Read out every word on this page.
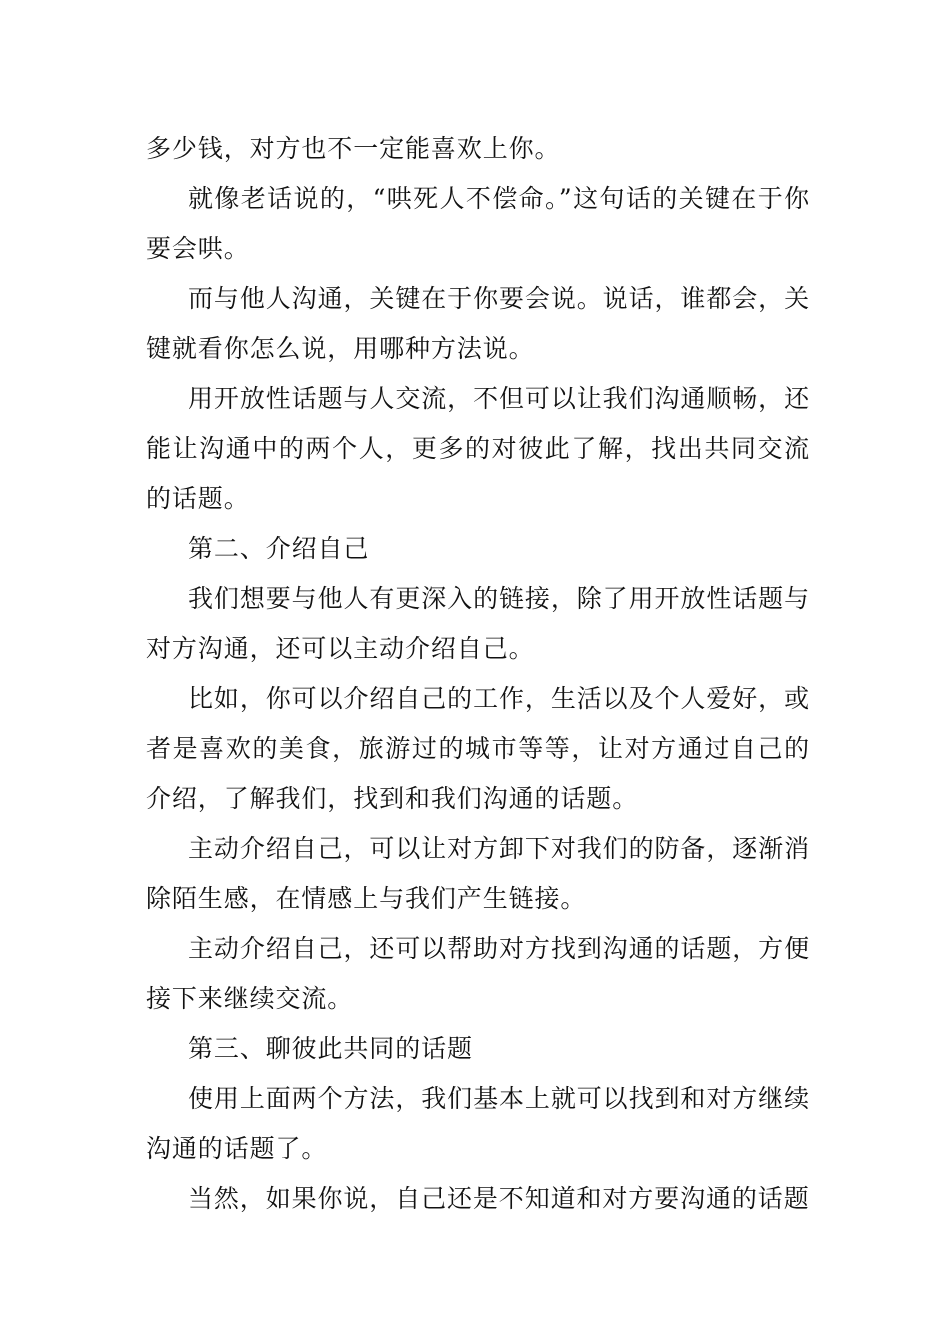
多少钱，对方也不一定能喜欢上你。

就像老话说的，“哄死人不偿命。”这句话的关键在于你要会哄。

而与他人沟通，关键在于你要会说。说话，谁都会，关键就看你怎么说，用哪种方法说。

用开放性话题与人交流，不但可以让我们沟通顺畅，还能让沟通中的两个人，更多的对彼此了解，找出共同交流的话题。

第二、介绍自己

我们想要与他人有更深入的链接，除了用开放性话题与对方沟通，还可以主动介绍自己。

比如，你可以介绍自己的工作，生活以及个人爱好，或者是喜欢的美食，旅游过的城市等等，让对方通过自己的介绍，了解我们，找到和我们沟通的话题。

主动介绍自己，可以让对方卸下对我们的防备，逐渐消除陌生感，在情感上与我们产生链接。

主动介绍自己，还可以帮助对方找到沟通的话题，方便接下来继续交流。

第三、聊彼此共同的话题

使用上面两个方法，我们基本上就可以找到和对方继续沟通的话题了。

当然，如果你说，自己还是不知道和对方要沟通的话题
